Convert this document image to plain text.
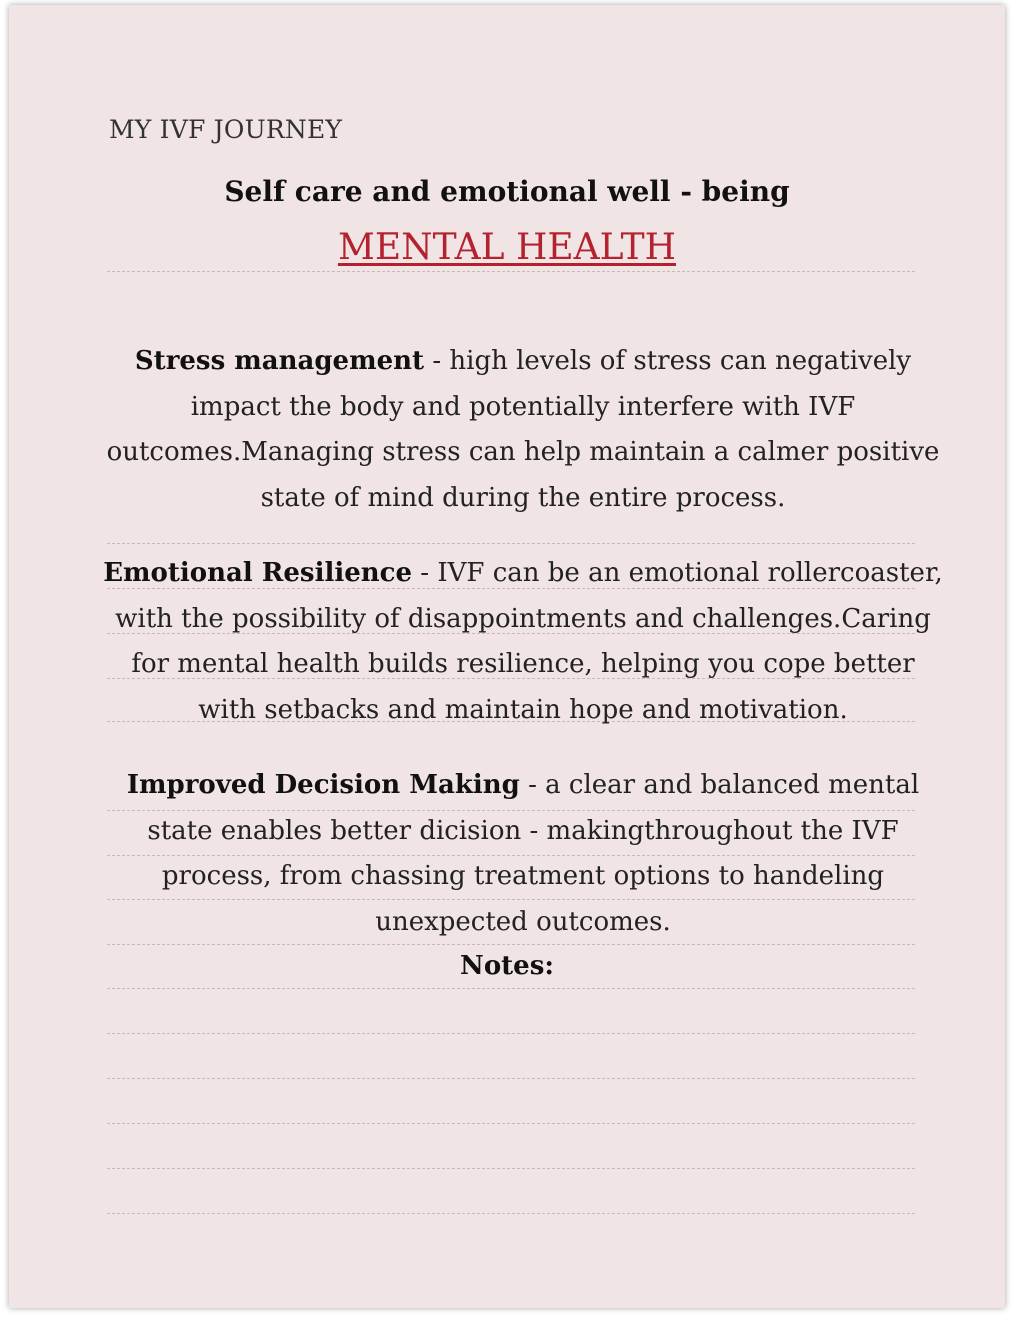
MY IVF JOURNEY
Self care and emotional well - being
MENTAL HEALTH
Stress management - high levels of stress can negatively impact the body and potentially interfere with IVF outcomes.Managing stress can help maintain a calmer positive state of mind during the entire process.
Emotional Resilience - IVF can be an emotional rollercoaster, with the possibility of disappointments and challenges.Caring for mental health builds resilience, helping you cope better with setbacks and maintain hope and motivation.
Improved Decision Making - a clear and balanced mental state enables better dicision - makingthroughout the IVF process, from chassing treatment options to handeling unexpected outcomes.
Notes:
